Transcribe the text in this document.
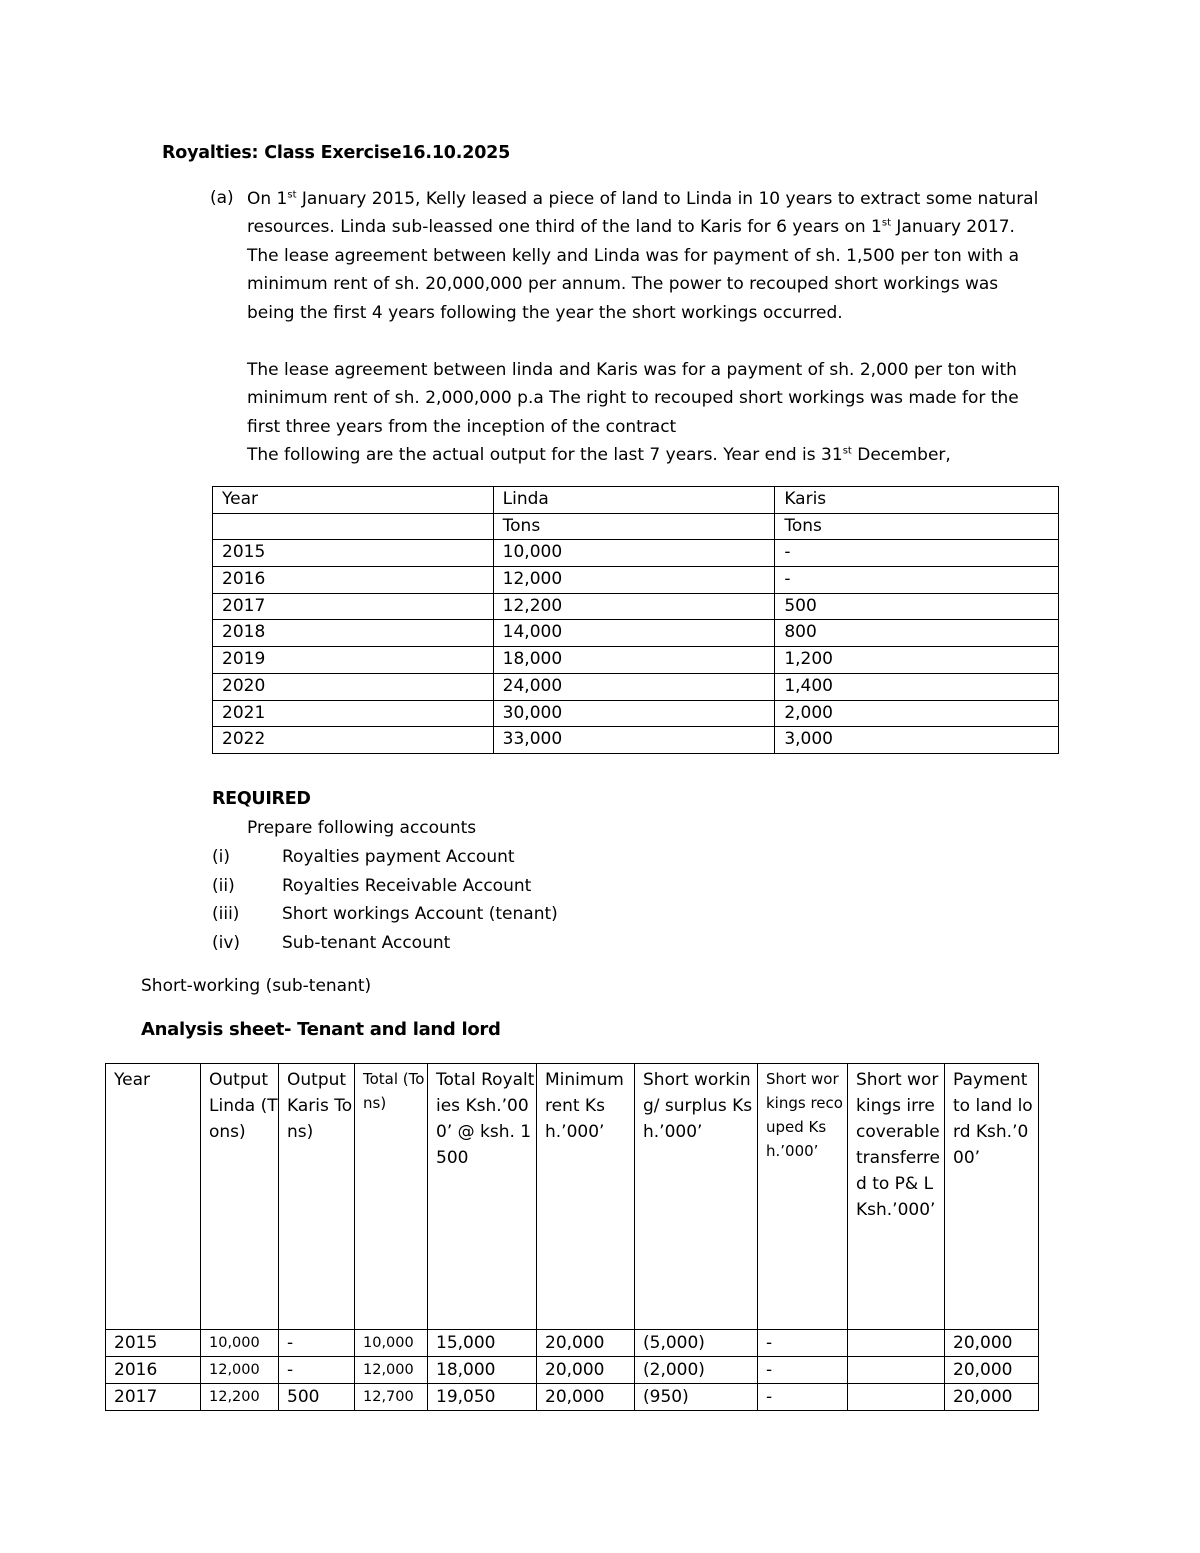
Royalties: Class Exercise16.10.2025
(a) On 1st January 2015, Kelly leased a piece of land to Linda in 10 years to extract some natural
resources. Linda sub-leassed one third of the land to Karis for 6 years on 1st January 2017.
The lease agreement between kelly and Linda was for payment of sh. 1,500 per ton with a
minimum rent of sh. 20,000,000 per annum. The power to recouped short workings was
being the first 4 years following the year the short workings occurred.
The lease agreement between linda and Karis was for a payment of sh. 2,000 per ton with
minimum rent of sh. 2,000,000 p.a The right to recouped short workings was made for the
first three years from the inception of the contract
The following are the actual output for the last 7 years. Year end is 31st December,
Year	Linda	Karis
	Tons	Tons
2015	10,000	-
2016	12,000	-
2017	12,200	500
2018	14,000	800
2019	18,000	1,200
2020	24,000	1,400
2021	30,000	2,000
2022	33,000	3,000
REQUIRED
Prepare following accounts
(i)	Royalties payment Account
(ii)	Royalties Receivable Account
(iii)	Short workings Account (tenant)
(iv) Sub-tenant Account
Short-working (sub-tenant)
Analysis sheet- Tenant and land lord
Year	Output Linda (Tons)	Output Karis Tons)	Total (Tons)	Total Royalties Ksh.’000’ @ ksh. 1500	Minimum rent Ksh.’000’	Short working/ surplus Ksh.’000’	Short workings recouped Ksh.’000’	Short workings irrecoverable transferred to P& L Ksh.’000’	Payment to land lord Ksh.’000’
2015	10,000	-	10,000	15,000	20,000	(5,000)	-		20,000
2016	12,000	-	12,000	18,000	20,000	(2,000)	-		20,000
2017	12,200	500	12,700	19,050	20,000	(950)	-		20,000
